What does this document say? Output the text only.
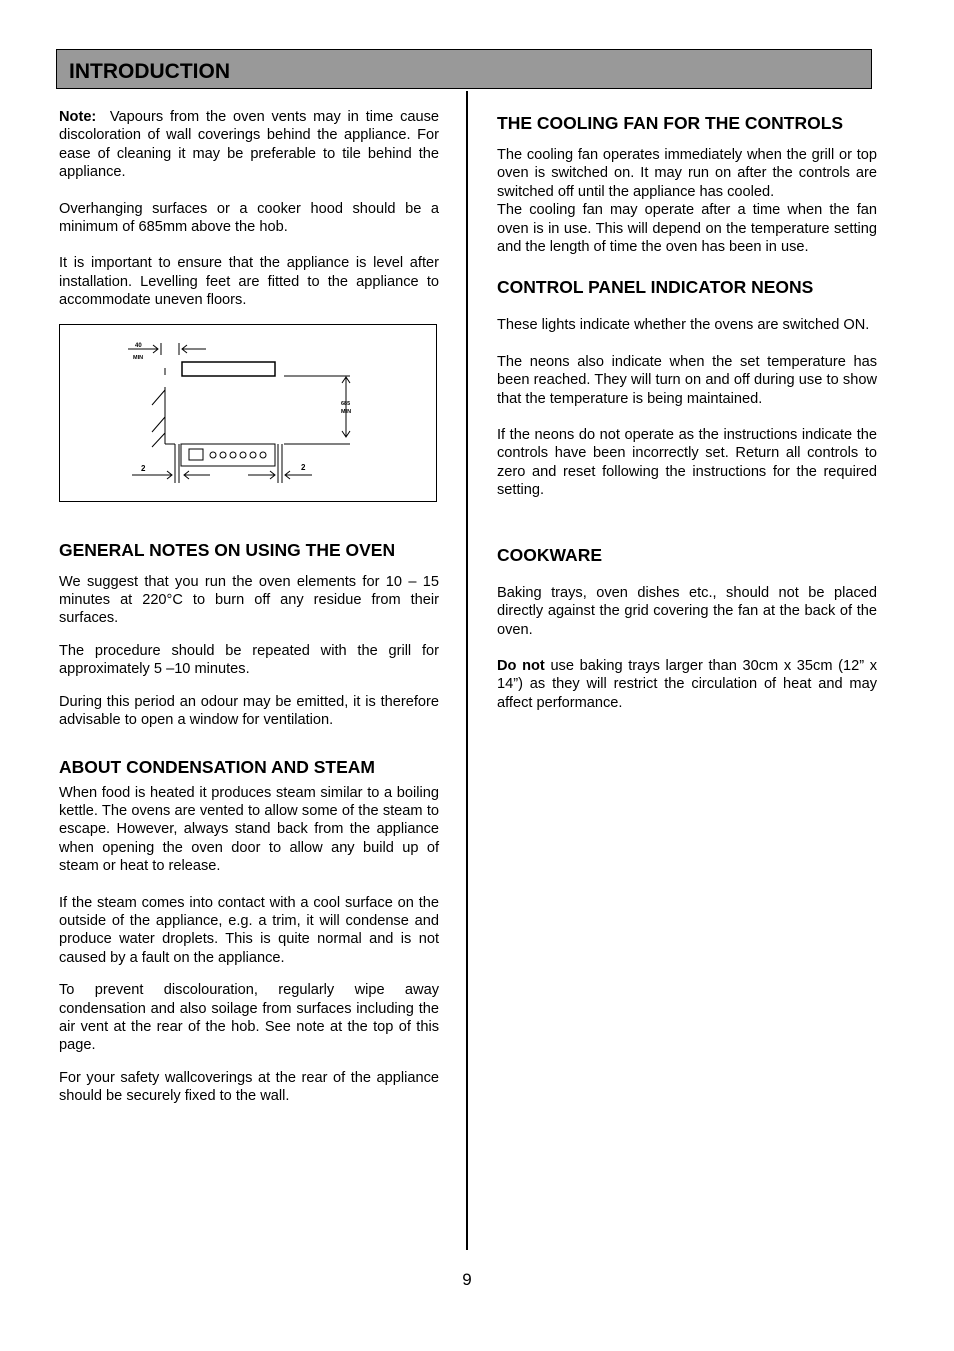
INTRODUCTION

Note: Vapours from the oven vents may in time cause discoloration of wall coverings behind the appliance. For ease of cleaning it may be preferable to tile behind the appliance.

Overhanging surfaces or a cooker hood should be a minimum of 685mm above the hob.

It is important to ensure that the appliance is level after installation. Levelling feet are fitted to the appliance to accommodate uneven floors.

40
MIN
685
MIN
2	2
GENERAL NOTES ON USING THE OVEN

We suggest that you run the oven elements for 10 – 15 minutes at 220°C to burn off any residue from their surfaces.

The procedure should be repeated with the grill for approximately 5 –10 minutes.

During this period an odour may be emitted, it is therefore advisable to open a window for ventilation.

ABOUT CONDENSATION AND STEAM

When food is heated it produces steam similar to a boiling kettle. The ovens are vented to allow some of the steam to escape. However, always stand back from the appliance when opening the oven door to allow any build up of steam or heat to release.

If the steam comes into contact with a cool surface on the outside of the appliance, e.g. a trim, it will condense and produce water droplets. This is quite normal and is not caused by a fault on the appliance.

To prevent discolouration, regularly wipe away condensation and also soilage from surfaces including the air vent at the rear of the hob. See note at the top of this page.

For your safety wallcoverings at the rear of the appliance should be securely fixed to the wall.

THE COOLING FAN FOR THE CONTROLS

The cooling fan operates immediately when the grill or top oven is switched on. It may run on after the controls are switched off until the appliance has cooled.

The cooling fan may operate after a time when the fan oven is in use. This will depend on the temperature setting and the length of time the oven has been in use.

CONTROL PANEL INDICATOR NEONS

These lights indicate whether the ovens are switched ON.

The neons also indicate when the set temperature has been reached. They will turn on and off during use to show that the temperature is being maintained.

If the neons do not operate as the instructions indicate the controls have been incorrectly set. Return all controls to zero and reset following the instructions for the required setting.

COOKWARE

Baking trays, oven dishes etc., should not be placed directly against the grid covering the fan at the back of the oven.

Do not use baking trays larger than 30cm x 35cm (12” x 14”) as they will restrict the circulation of heat and may affect performance.

9
